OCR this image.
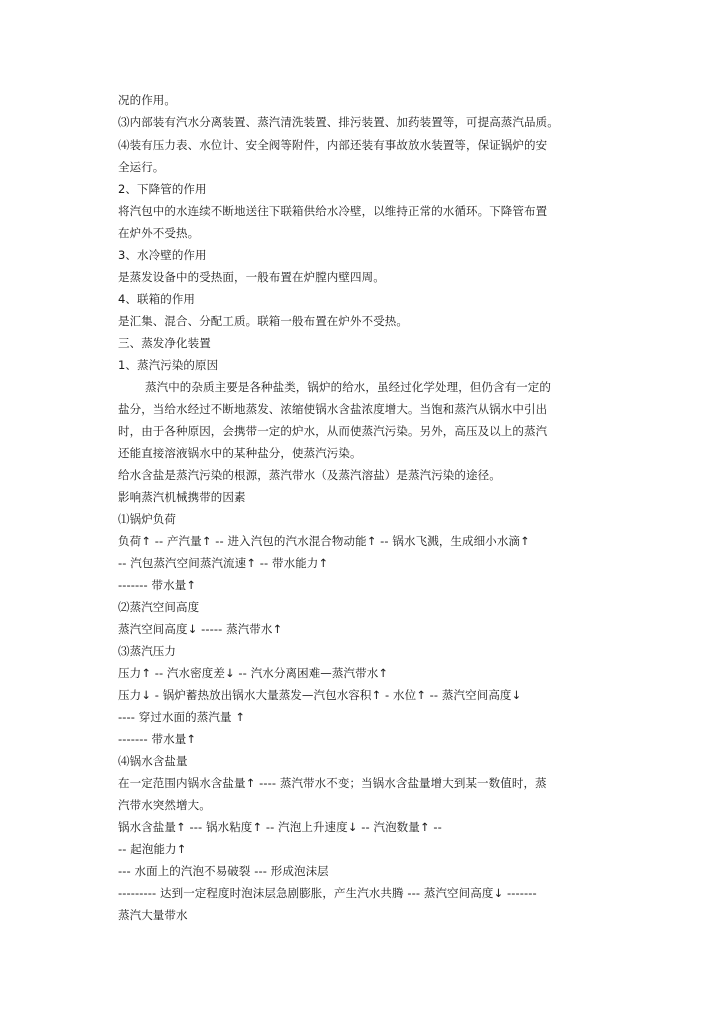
况的作用。
⑶内部装有汽水分离装置、蒸汽清洗装置、排污装置、加药装置等，可提高蒸汽品质。
⑷装有压力表、水位计、安全阀等附件，内部还装有事故放水装置等，保证锅炉的安
全运行。
2、下降管的作用
将汽包中的水连续不断地送往下联箱供给水冷壁，以维持正常的水循环。下降管布置
在炉外不受热。
3、水冷壁的作用
是蒸发设备中的受热面，一般布置在炉膛内壁四周。
4、联箱的作用
是汇集、混合、分配工质。联箱一般布置在炉外不受热。
三、蒸发净化装置
1、蒸汽污染的原因
蒸汽中的杂质主要是各种盐类，锅炉的给水，虽经过化学处理，但仍含有一定的
盐分，当给水经过不断地蒸发、浓缩使锅水含盐浓度增大。当饱和蒸汽从锅水中引出
时，由于各种原因，会携带一定的炉水，从而使蒸汽污染。另外，高压及以上的蒸汽
还能直接溶液锅水中的某种盐分，使蒸汽污染。
给水含盐是蒸汽污染的根源，蒸汽带水（及蒸汽溶盐）是蒸汽污染的途径。
影响蒸汽机械携带的因素
⑴锅炉负荷
负荷↑ -- 产汽量↑ -- 进入汽包的汽水混合物动能↑ -- 锅水飞溅，生成细小水滴↑
-- 汽包蒸汽空间蒸汽流速↑ -- 带水能力↑
------- 带水量↑
⑵蒸汽空间高度
蒸汽空间高度↓ ----- 蒸汽带水↑
⑶蒸汽压力
压力↑ -- 汽水密度差↓ -- 汽水分离困难—蒸汽带水↑
压力↓ - 锅炉蓄热放出锅水大量蒸发—汽包水容积↑ - 水位↑ -- 蒸汽空间高度↓
---- 穿过水面的蒸汽量 ↑
------- 带水量↑
⑷锅水含盐量
在一定范围内锅水含盐量↑ ---- 蒸汽带水不变；当锅水含盐量增大到某一数值时，蒸
汽带水突然增大。
锅水含盐量↑ --- 锅水粘度↑ -- 汽泡上升速度↓ -- 汽泡数量↑ --
-- 起泡能力↑
--- 水面上的汽泡不易破裂 --- 形成泡沫层
--------- 达到一定程度时泡沫层急剧膨胀，产生汽水共腾 --- 蒸汽空间高度↓ -------
蒸汽大量带水
